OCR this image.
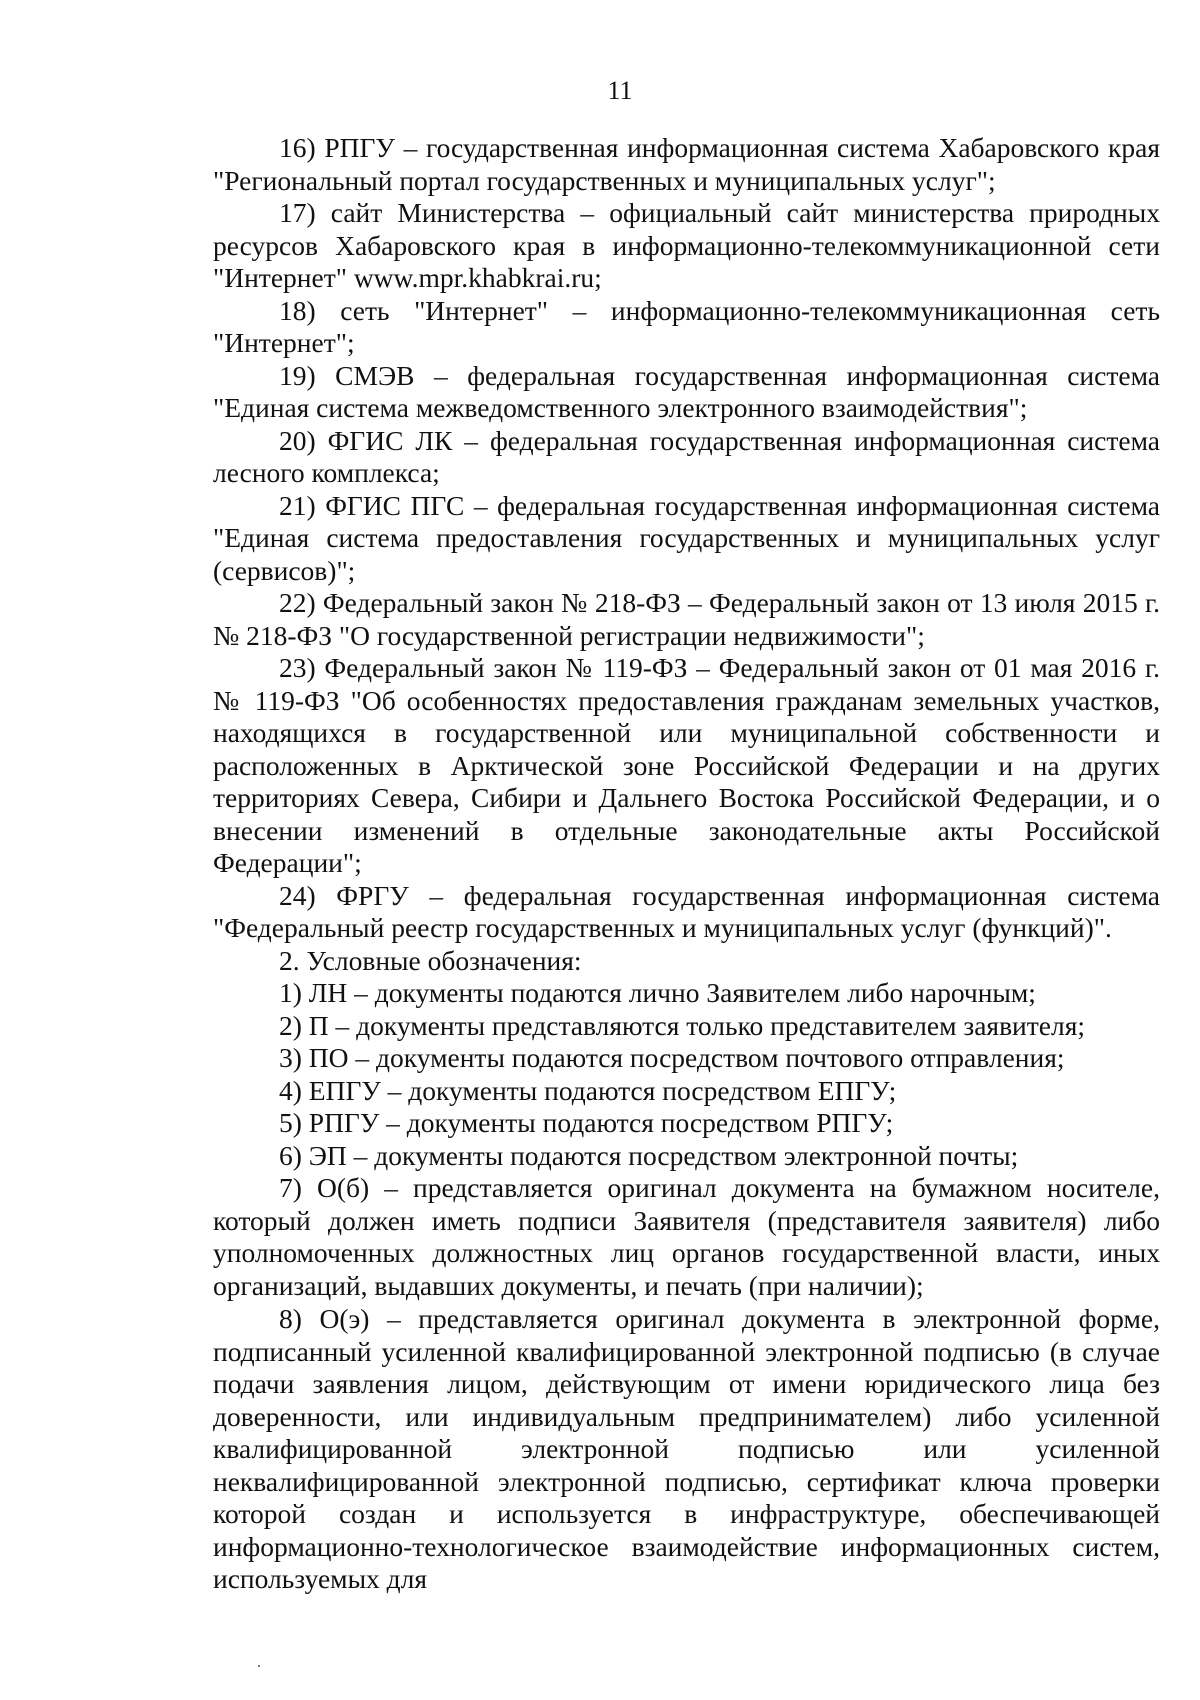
11

16) РПГУ – государственная информационная система Хабаровского края "Региональный портал государственных и муниципальных услуг";

17) сайт Министерства – официальный сайт министерства природных ресурсов Хабаровского края в информационно-телекоммуникационной сети "Интернет" www.mpr.khabkrai.ru;

18) сеть "Интернет" – информационно-телекоммуникационная сеть "Интернет";

19) СМЭВ – федеральная государственная информационная система "Единая система межведомственного электронного взаимодействия";

20) ФГИС ЛК – федеральная государственная информационная система лесного комплекса;

21) ФГИС ПГС – федеральная государственная информационная система "Единая система предоставления государственных и муниципальных услуг (сервисов)";

22) Федеральный закон № 218-ФЗ – Федеральный закон от 13 июля 2015 г. № 218-ФЗ "О государственной регистрации недвижимости";

23) Федеральный закон № 119-ФЗ – Федеральный закон от 01 мая 2016 г. № 119-ФЗ "Об особенностях предоставления гражданам земельных участков, находящихся в государственной или муниципальной собственности и расположенных в Арктической зоне Российской Федерации и на других территориях Севера, Сибири и Дальнего Востока Российской Федерации, и о внесении изменений в отдельные законодательные акты Российской Федерации";

24) ФРГУ – федеральная государственная информационная система "Федеральный реестр государственных и муниципальных услуг (функций)".

2. Условные обозначения:

1) ЛН – документы подаются лично Заявителем либо нарочным;

2) П – документы представляются только представителем заявителя;

3) ПО – документы подаются посредством почтового отправления;

4) ЕПГУ – документы подаются посредством ЕПГУ;

5) РПГУ – документы подаются посредством РПГУ;

6) ЭП – документы подаются посредством электронной почты;

7) О(б) – представляется оригинал документа на бумажном носителе, который должен иметь подписи Заявителя (представителя заявителя) либо уполномоченных должностных лиц органов государственной власти, иных организаций, выдавших документы, и печать (при наличии);

8) О(э) – представляется оригинал документа в электронной форме, подписанный усиленной квалифицированной электронной подписью (в случае подачи заявления лицом, действующим от имени юридического лица без доверенности, или индивидуальным предпринимателем) либо усиленной квалифицированной электронной подписью или усиленной неквалифицированной электронной подписью, сертификат ключа проверки которой создан и используется в инфраструктуре, обеспечивающей информационно-технологическое взаимодействие информационных систем, используемых для
